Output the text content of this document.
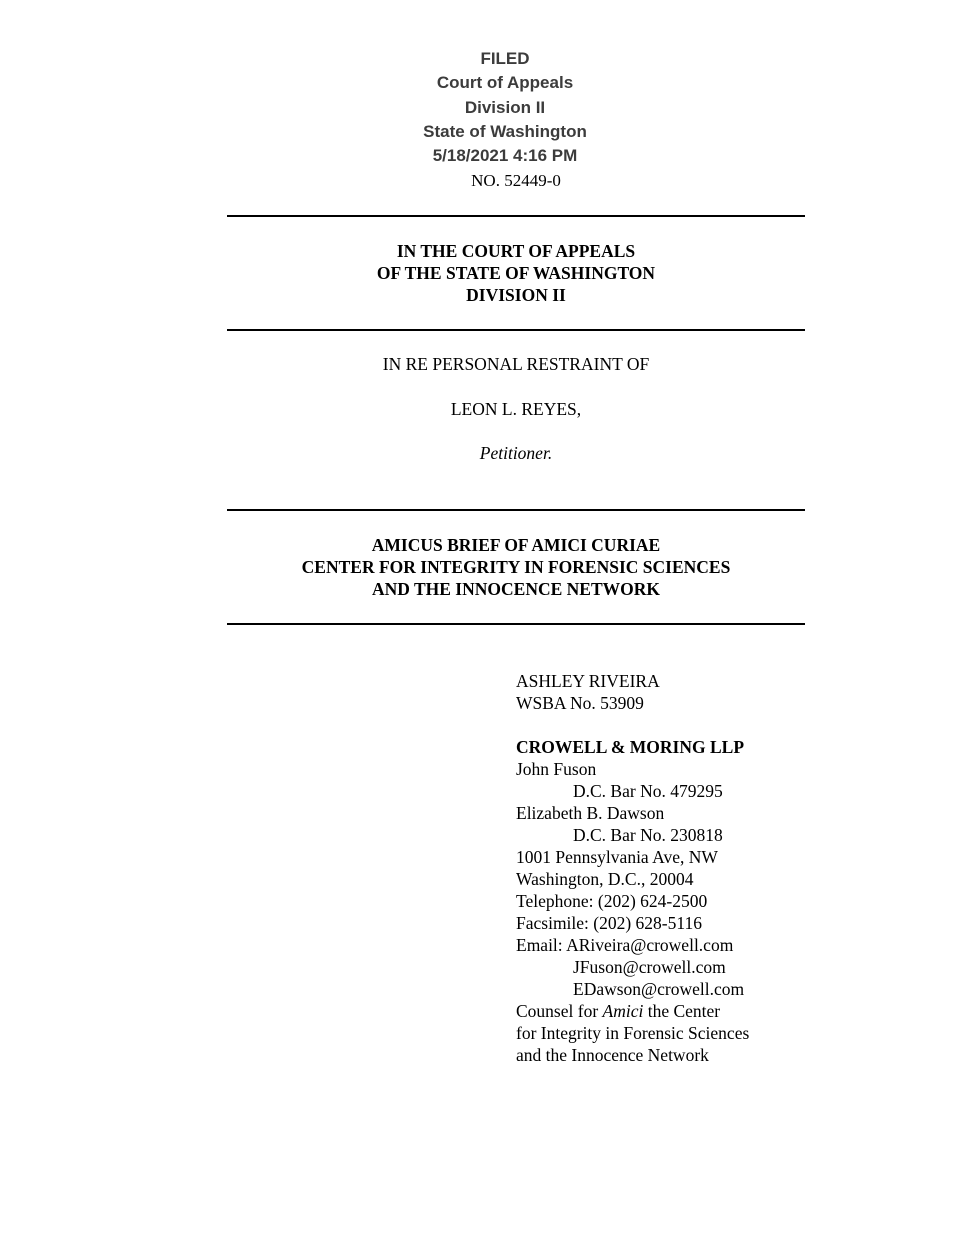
FILED
Court of Appeals
Division II
State of Washington
5/18/2021 4:16 PM
NO. 52449-0
IN THE COURT OF APPEALS
OF THE STATE OF WASHINGTON
DIVISION II
IN RE PERSONAL RESTRAINT OF
LEON L. REYES,
Petitioner.
AMICUS BRIEF OF AMICI CURIAE
CENTER FOR INTEGRITY IN FORENSIC SCIENCES
AND THE INNOCENCE NETWORK
ASHLEY RIVEIRA
WSBA No. 53909
CROWELL & MORING LLP
John Fuson
D.C. Bar No. 479295
Elizabeth B. Dawson
D.C. Bar No. 230818
1001 Pennsylvania Ave, NW
Washington, D.C., 20004
Telephone: (202) 624-2500
Facsimile: (202) 628-5116
Email: ARiveira@crowell.com
JFuson@crowell.com
EDawson@crowell.com
Counsel for Amici the Center
for Integrity in Forensic Sciences
and the Innocence Network
